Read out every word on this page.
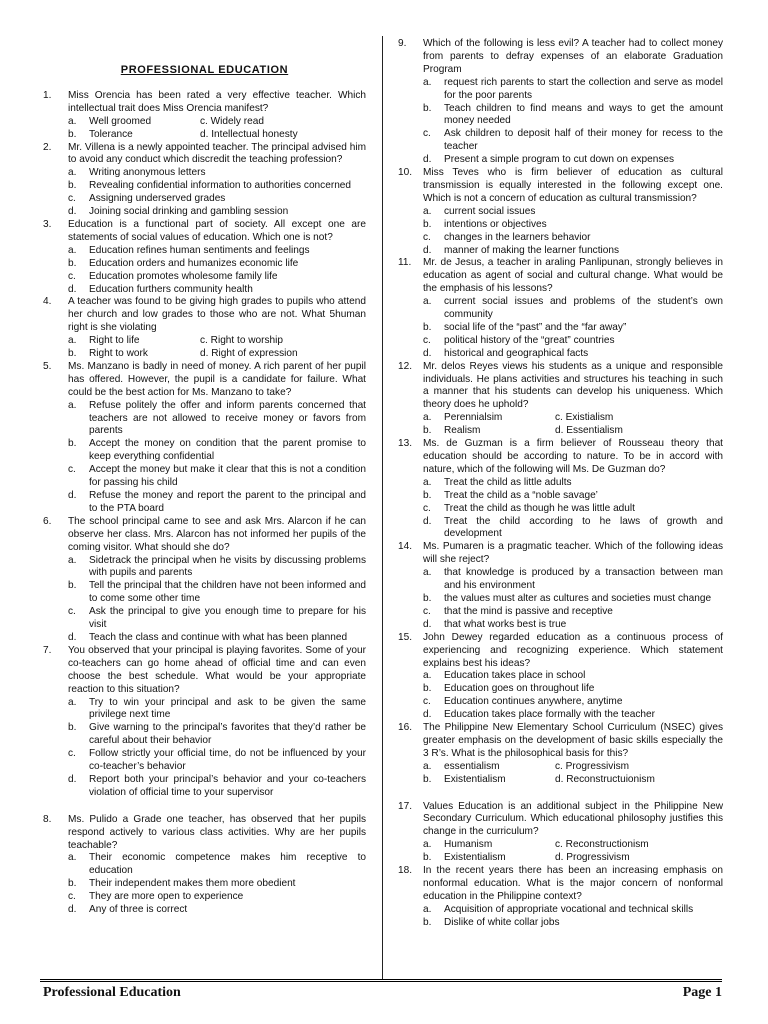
PROFESSIONAL EDUCATION
1.	Miss Orencia has been rated a very effective teacher. Which intellectual trait does Miss Orencia manifest?
a.	Well groomed	c. Widely read
b.	Tolerance	d. Intellectual honesty
2.	Mr. Villena is a newly appointed teacher. The principal advised him to avoid any conduct which discredit the teaching profession?
a.	Writing anonymous letters
b.	Revealing confidential information to authorities concerned
c.	Assigning underserved grades
d.	Joining social drinking and gambling session
3.	Education is a functional part of society. All except one are statements of social values of education. Which one is not?
a.	Education refines human sentiments and feelings
b.	Education orders and humanizes economic life
c.	Education promotes wholesome family life
d.	Education furthers community health
4.	A teacher was found to be giving high grades to pupils who attend her church and low grades to those who are not. What 5human right is she violating
a.	Right to life	c. Right to worship
b.	Right to work	d. Right of expression
5.	Ms. Manzano is badly in need of money. A rich parent of her pupil has offered. However, the pupil is a candidate for failure. What could be the best action for Ms. Manzano to take?
a.	Refuse politely the offer and inform parents concerned that teachers are not allowed to receive money or favors from parents
b.	Accept the money on condition that the parent promise to keep everything confidential
c.	Accept the money but make it clear that this is not a condition for passing his child
d.	Refuse the money and report the parent to the principal and to the PTA board
6.	The school principal came to see and ask Mrs. Alarcon if he can observe her class. Mrs. Alarcon has not informed her pupils of the coming visitor. What should she do?
a.	Sidetrack the principal when he visits by discussing problems with pupils and parents
b.	Tell the principal that the children have not been informed and to come some other time
c.	Ask the principal to give you enough time to prepare for his visit
d.	Teach the class and continue with what has been planned
7.	You observed that your principal is playing favorites. Some of your co-teachers can go home ahead of official time and can even choose the best schedule. What would be your appropriate reaction to this situation?
a.	Try to win your principal and ask to be given the same privilege next time
b.	Give warning to the principal’s favorites that they’d rather be careful about their behavior
c.	Follow strictly your official time, do not be influenced by your co-teacher’s behavior
d.	Report both your principal’s behavior and your co-teachers violation of official time to your supervisor
8.	Ms. Pulido a Grade one teacher, has observed that her pupils respond actively to various class activities. Why are her pupils teachable?
a.	Their economic competence makes him receptive to education
b.	Their independent makes them more obedient
c.	They are more open to experience
d.	Any of three is correct
9.	Which of the following is less evil? A teacher had to collect money from parents to defray expenses of an elaborate Graduation Program
a.	request rich parents to start the collection and serve as model for the poor parents
b.	Teach children to find means and ways to get the amount money needed
c.	Ask children to deposit half of their money for recess to the teacher
d.	Present a simple program to cut down on expenses
10.	Miss Teves who is firm believer of education as cultural transmission is equally interested in the following except one. Which is not a concern of education as cultural transmission?
a.	current social issues
b.	intentions or objectives
c.	changes in the learners behavior
d.	manner of making the learner functions
11.	Mr. de Jesus, a teacher in araling Panlipunan, strongly believes in education as agent of social and cultural change. What would be the emphasis of his lessons?
a.	current social issues and problems of the student’s own community
b.	social life of the “past” and the “far away”
c.	political history of the “great” countries
d.	historical and geographical facts
12.	Mr. delos Reyes views his students as a unique and responsible individuals. He plans activities and structures his teaching in such a manner that his students can develop his uniqueness. Which theory does he uphold?
a.	Perennialsim	c. Existialism
b.	Realism	d. Essentialism
13.	Ms. de Guzman is a firm believer of Rousseau theory that education should be according to nature. To be in accord with nature, which of the following will Ms. De Guzman do?
a.	Treat the child as little adults
b.	Treat the child as a “noble savage’
c.	Treat the child as though he was little adult
d.	Treat the child according to he laws of growth and development
14.	Ms. Pumaren is a pragmatic teacher. Which of the following ideas will she reject?
a.	that knowledge is produced by a transaction between man and his environment
b.	the values must alter as cultures and societies must change
c.	that the mind is passive and receptive
d.	that what works best is true
15.	John Dewey regarded education as a continuous process of experiencing and recognizing experience. Which statement explains best his ideas?
a.	Education takes place in school
b.	Education goes on throughout life
c.	Education continues anywhere, anytime
d.	Education takes place formally with the teacher
16.	The Philippine New Elementary School Curriculum (NSEC) gives greater emphasis on the development of basic skills especially the 3 R’s. What is the philosophical basis for this?
a.	essentialism	c. Progressivism
b.	Existentialism	d. Reconstructuionism
17.	Values Education is an additional subject in the Philippine New Secondary Curriculum. Which educational philosophy justifies this change in the curriculum?
a.	Humanism	c. Reconstructionism
b.	Existentialism	d. Progressivism
18.	In the recent years there has been an increasing emphasis on nonformal education. What is the major concern of nonformal education in the Philippine context?
a.	Acquisition of appropriate vocational and technical skills
b.	Dislike of white collar jobs
Professional Education	Page 1
